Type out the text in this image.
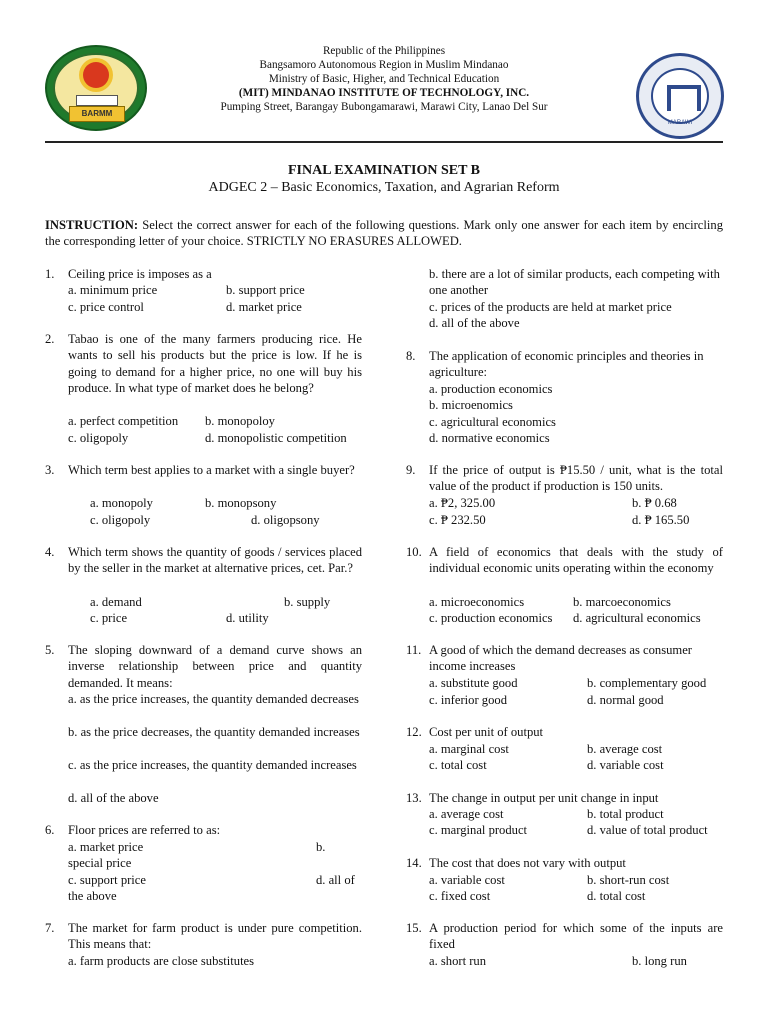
BARMM
MARAWI
Republic of the Philippines
Bangsamoro Autonomous Region in Muslim Mindanao
Ministry of Basic, Higher, and Technical Education
(MIT) MINDANAO INSTITUTE OF TECHNOLOGY, INC.
Pumping Street, Barangay Bubongamarawi, Marawi City, Lanao Del Sur
FINAL EXAMINATION SET B
ADGEC 2 – Basic Economics, Taxation, and Agrarian Reform
INSTRUCTION: Select the correct answer for each of the following questions. Mark only one answer for each item by encircling the corresponding letter of your choice. STRICTLY NO ERASURES ALLOWED.
1. Ceiling price is imposes as a
a. minimum price	b. support price
c. price control	d. market price
2. Tabao is one of the many farmers producing rice. He wants to sell his products but the price is low. If he is going to demand for a higher price, no one will buy his produce. In what type of market does he belong?
a. perfect competition b. monopoloy
c. oligopoly	d. monopolistic competition
3. Which term best applies to a market with a single buyer?
a. monopoly	b. monopsony
c. oligopoly	d. oligopsony
4. Which term shows the quantity of goods / services placed by the seller in the market at alternative prices, cet. Par.?
a. demand	b. supply
c. price	d. utility
5. The sloping downward of a demand curve shows an inverse relationship between price and quantity demanded. It means:
a. as the price increases, the quantity demanded decreases
b. as the price decreases, the quantity demanded increases
c. as the price increases, the quantity demanded increases
d. all of the above
6. Floor prices are referred to as:
a. market price	b.
special price
c. support price	d. all of
the above
7. The market for farm product is under pure competition. This means that:
a. farm products are close substitutes
b. there are a lot of similar products, each competing with one another
c. prices of the products are held at market price
d. all of the above
8. The application of economic principles and theories in agriculture:
a. production economics
b. microenomics
c. agricultural economics
d. normative economics
9. If the price of output is ₱15.50 / unit, what is the total value of the product if production is 150 units.
a. ₱2, 325.00	b. ₱ 0.68
c. ₱ 232.50	d. ₱ 165.50
10. A field of economics that deals with the study of individual economic units operating within the economy
a. microeconomics	b. marcoeconomics
c. production economics d. agricultural economics
11. A good of which the demand decreases as consumer income increases
a. substitute good	b. complementary good
c. inferior good	d. normal good
12. Cost per unit of output
a. marginal cost	b. average cost
c. total cost	d. variable cost
13. The change in output per unit change in input
a. average cost	b. total product
c. marginal product	d. value of total product
14. The cost that does not vary with output
a. variable cost	b. short-run cost
c. fixed cost	d. total cost
15. A production period for which some of the inputs are fixed
a. short run	b. long run
